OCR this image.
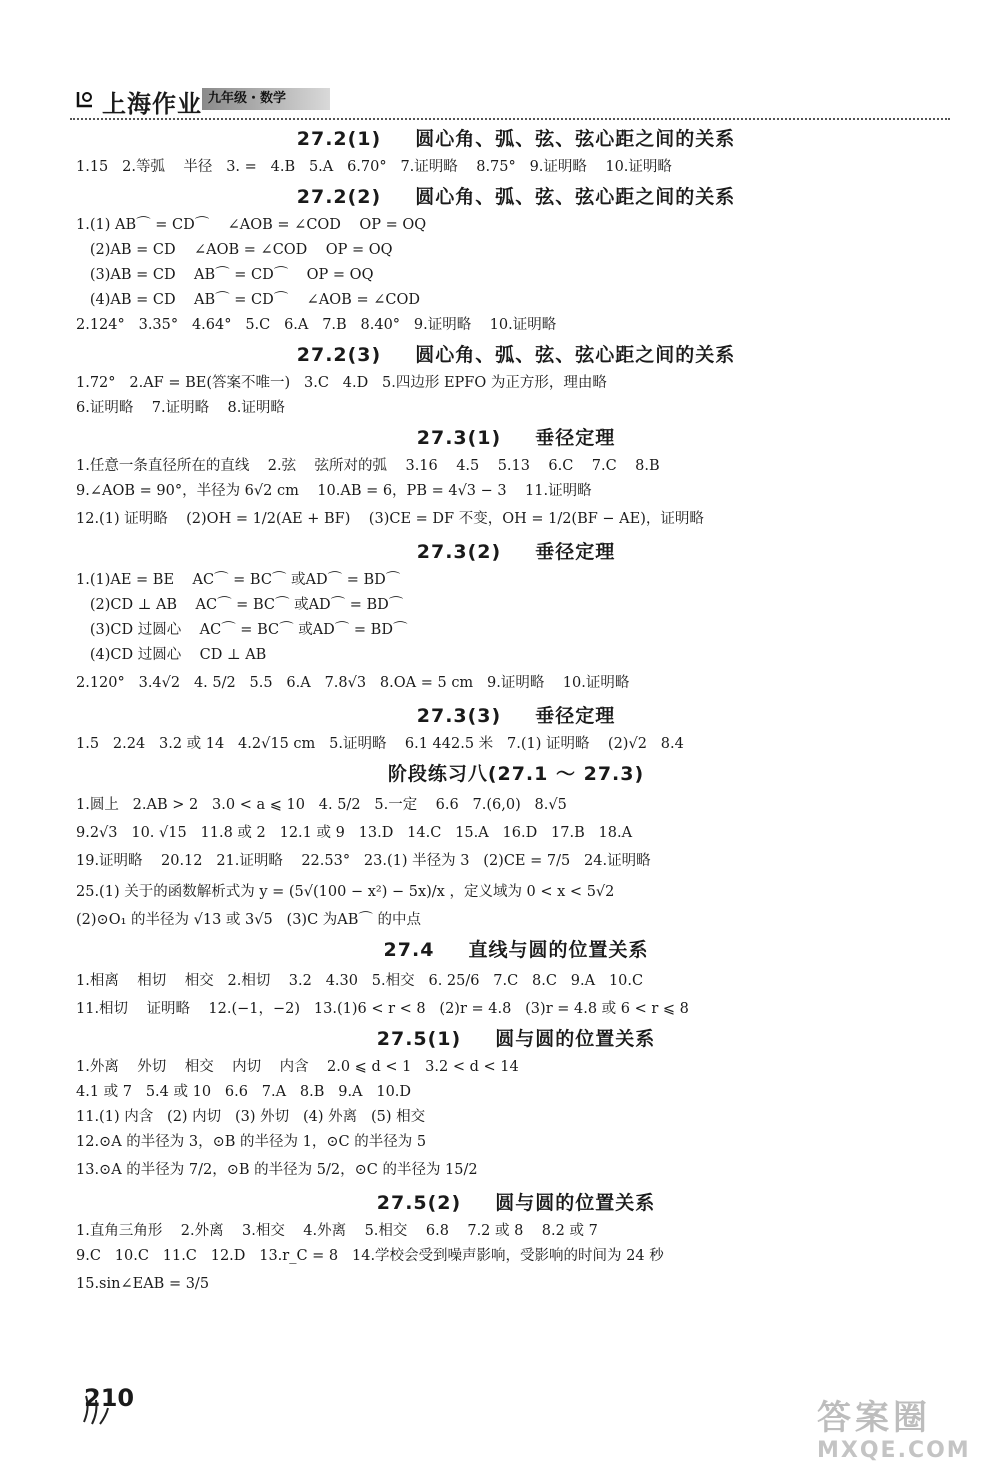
上海作业 九年级・数学
27.2(1) 圆心角、弧、弦、弦心距之间的关系
1.15   2.等弧    半径   3. =   4.B   5.A   6.70°   7.证明略    8.75°   9.证明略    10.证明略
27.2(2) 圆心角、弧、弦、弦心距之间的关系
1.(1) AB⌒ = CD⌒    ∠AOB = ∠COD    OP = OQ
(2)AB = CD    ∠AOB = ∠COD    OP = OQ
(3)AB = CD    AB⌒ = CD⌒    OP = OQ
(4)AB = CD    AB⌒ = CD⌒    ∠AOB = ∠COD
2.124°   3.35°   4.64°   5.C   6.A   7.B   8.40°   9.证明略    10.证明略
27.2(3) 圆心角、弧、弦、弦心距之间的关系
1.72°   2.AF = BE(答案不唯一)   3.C   4.D   5.四边形 EPFO 为正方形，理由略
6.证明略    7.证明略    8.证明略
27.3(1) 垂径定理
1.任意一条直径所在的直线    2.弦    弦所对的弧    3.16    4.5    5.13    6.C    7.C    8.B
9.∠AOB = 90°，半径为 6√2 cm    10.AB = 6，PB = 4√3 − 3    11.证明略
12.(1) 证明略    (2)OH = 1/2(AE + BF)    (3)CE = DF 不变，OH = 1/2(BF − AE)，证明略
27.3(2) 垂径定理
1.(1)AE = BE    AC⌒ = BC⌒ 或AD⌒ = BD⌒
(2)CD ⊥ AB    AC⌒ = BC⌒ 或AD⌒ = BD⌒
(3)CD 过圆心    AC⌒ = BC⌒ 或AD⌒ = BD⌒
(4)CD 过圆心    CD ⊥ AB
2.120°   3.4√2   4. 5/2   5.5   6.A   7.8√3   8.OA = 5 cm   9.证明略    10.证明略
27.3(3) 垂径定理
1.5   2.24   3.2 或 14   4.2√15 cm   5.证明略    6.1 442.5 米   7.(1) 证明略    (2)√2   8.4
阶段练习八(27.1 ～ 27.3)
1.圆上   2.AB > 2   3.0 < a ⩽ 10   4. 5/2   5.一定    6.6   7.(6,0)   8.√5
9.2√3   10. √15   11.8 或 2   12.1 或 9   13.D   14.C   15.A   16.D   17.B   18.A
19.证明略    20.12   21.证明略    22.53°   23.(1) 半径为 3   (2)CE = 7/5   24.证明略
25.(1) 关于的函数解析式为 y = (5√(100 − x²) − 5x)/x ，定义域为 0 < x < 5√2
(2)⊙O₁ 的半径为 √13 或 3√5   (3)C 为AB⌒ 的中点
27.4 直线与圆的位置关系
1.相离    相切    相交   2.相切    3.2   4.30   5.相交   6. 25/6   7.C   8.C   9.A   10.C
11.相切    证明略    12.(−1，−2)   13.(1)6 < r < 8   (2)r = 4.8   (3)r = 4.8 或 6 < r ⩽ 8
27.5(1) 圆与圆的位置关系
1.外离    外切    相交    内切    内含    2.0 ⩽ d < 1   3.2 < d < 14
4.1 或 7   5.4 或 10   6.6   7.A   8.B   9.A   10.D
11.(1) 内含   (2) 内切   (3) 外切   (4) 外离   (5) 相交
12.⊙A 的半径为 3，⊙B 的半径为 1，⊙C 的半径为 5
13.⊙A 的半径为 7/2，⊙B 的半径为 5/2，⊙C 的半径为 15/2
27.5(2) 圆与圆的位置关系
1.直角三角形    2.外离    3.相交    4.外离    5.相交    6.8    7.2 或 8    8.2 或 7
9.C   10.C   11.C   12.D   13.r_C = 8   14.学校会受到噪声影响，受影响的时间为 24 秒
15.sin∠EAB = 3/5
210	答案圈
MXQE.COM
